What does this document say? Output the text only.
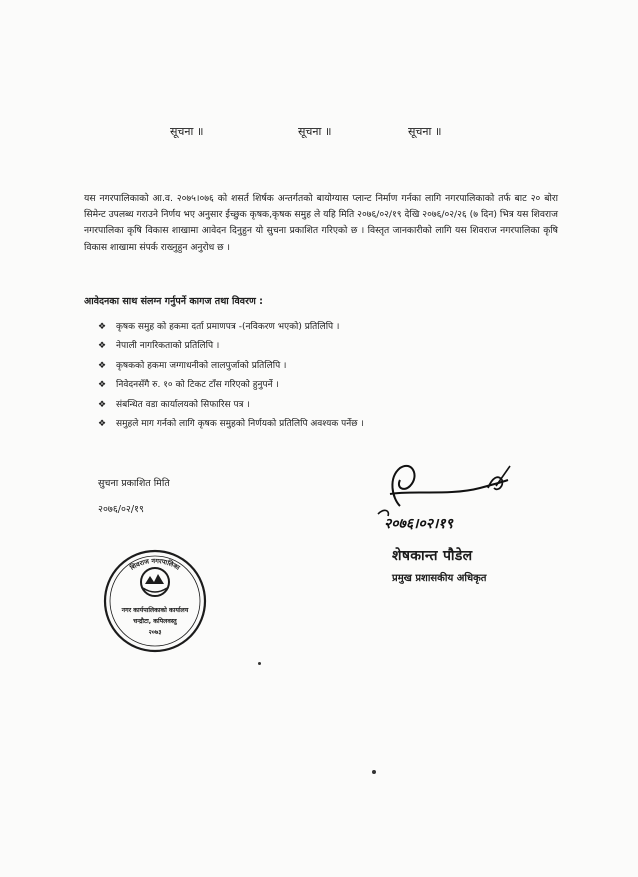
सूचना ॥	सूचना ॥	सूचना ॥
यस नगरपालिकाको आ.व. २०७५।०७६ को शसर्त शिर्षक अन्तर्गतको बायोग्यास प्लान्ट निर्माण गर्नका लागि नगरपालिकाको तर्फ बाट २० बोरा सिमेन्ट उपलब्ध गराउने निर्णय भए अनुसार ईच्छुक कृषक,कृषक समुह ले यहि मिति २०७६/०२/१९ देखि २०७६/०२/२६ (७ दिन) भित्र यस शिवराज नगरपालिका कृषि विकास शाखामा आवेदन दिनुहुन यो सुचना प्रकाशित गरिएको छ । विस्तृत जानकारीको लागि यस शिवराज नगरपालिका कृषि विकास शाखामा संपर्क राख्नुहुन अनुरोध छ ।
आवेदनका साथ संलग्न गर्नुपर्ने कागज तथा विवरण :
❖ कृषक समुह को हकमा दर्ता प्रमाणपत्र -(नविकरण भएको) प्रतिलिपि ।
❖ नेपाली नागरिकताको प्रतिलिपि ।
❖ कृषकको हकमा जग्गाधनीको लालपुर्जाको प्रतिलिपि ।
❖ निवेदनसँगै रु. १० को टिकट टाँस गरिएको हुनुपर्ने ।
❖ संबन्धित वडा कार्यालयको सिफारिस पत्र ।
❖ समुहले माग गर्नको लागि कृषक समुहको निर्णयको प्रतिलिपि अवश्यक पर्नेछ ।
सुचना प्रकाशित मिति
२०७६/०२/१९
शिवराज नगरपालिका
नगर कार्यपालिकाको कार्यालय
चन्द्रौटा, कपिलवस्तु
२०७३
२०७६।०२।१९
शेषकान्त पौडेल
प्रमुख प्रशासकीय अधिकृत
